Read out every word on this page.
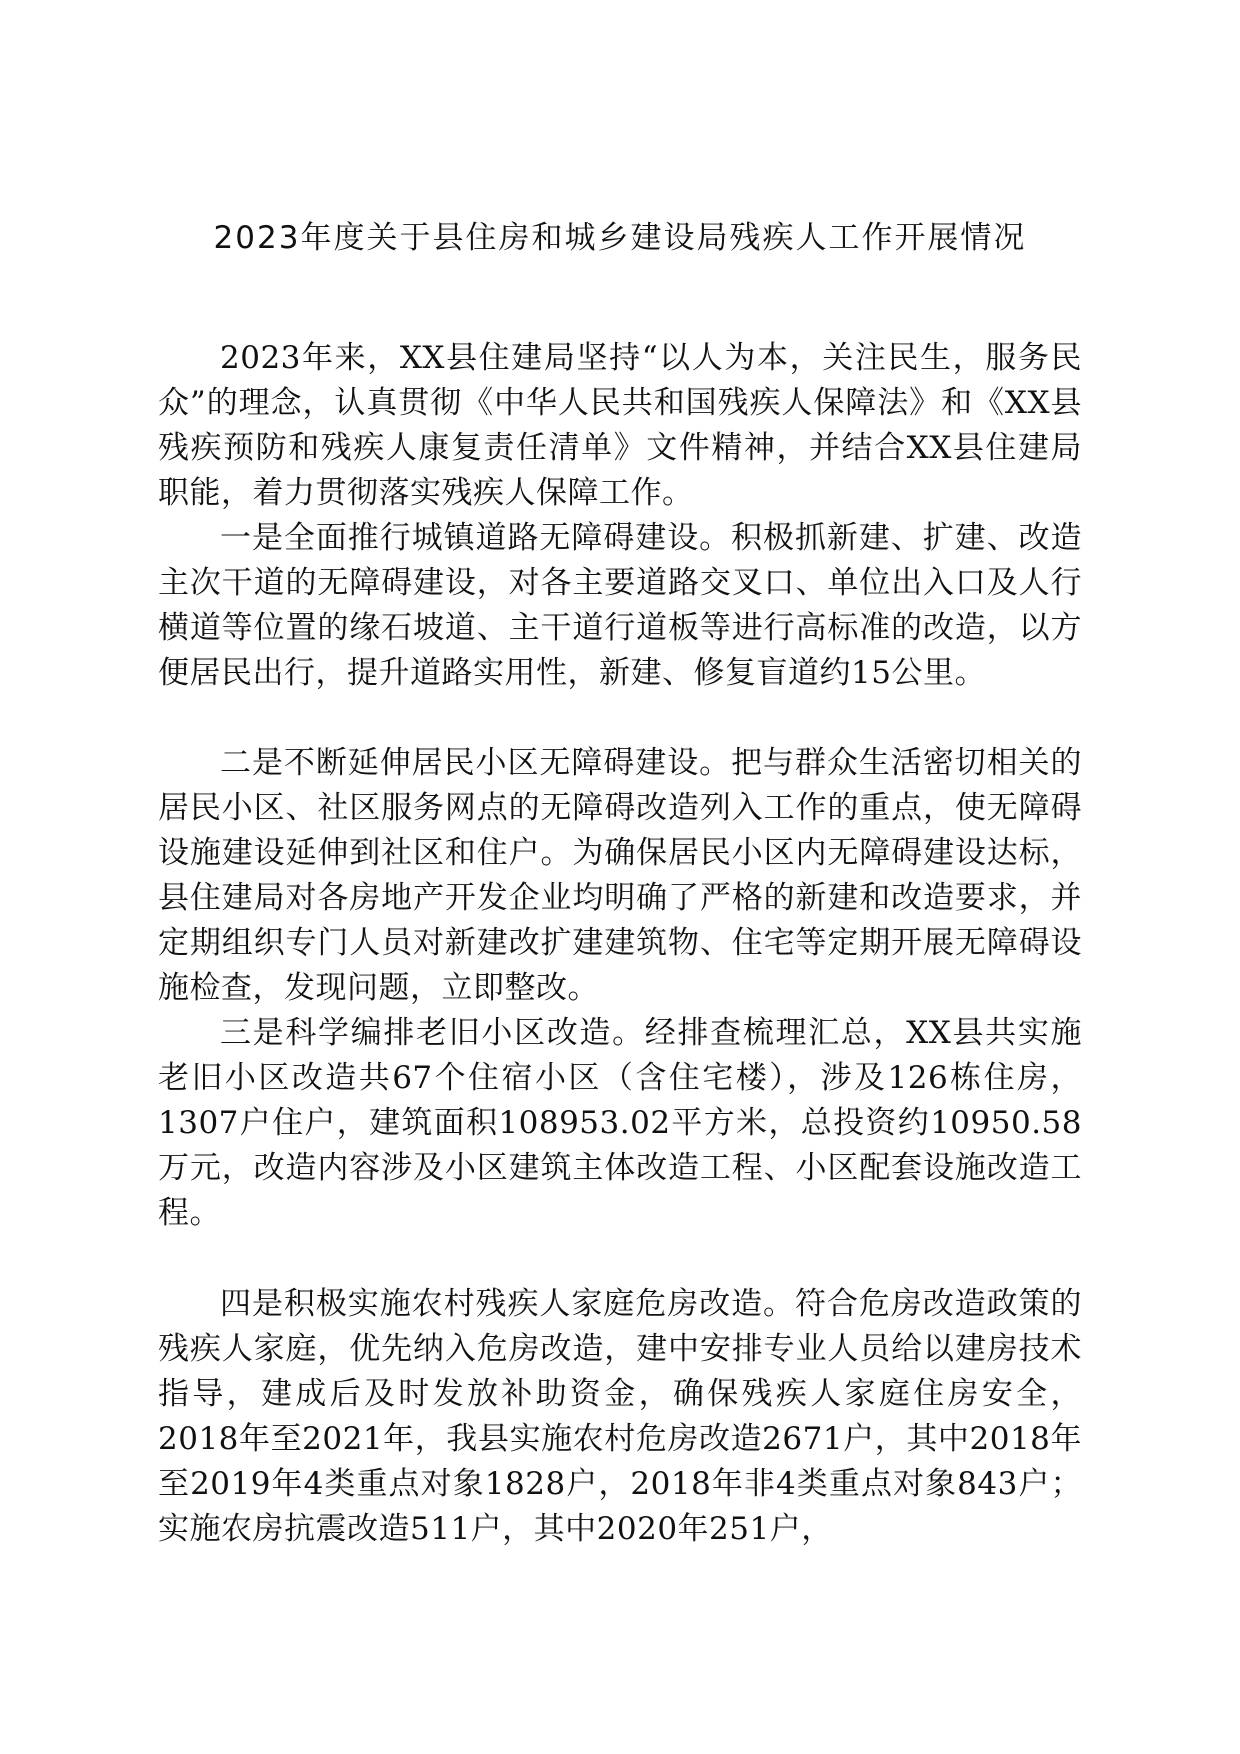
2023年度关于县住房和城乡建设局残疾人工作开展情况

2023年来，XX县住建局坚持“以人为本，关注民生，服务民众”的理念，认真贯彻《中华人民共和国残疾人保障法》和《XX县残疾预防和残疾人康复责任清单》文件精神，并结合XX县住建局职能，着力贯彻落实残疾人保障工作。

一是全面推行城镇道路无障碍建设。积极抓新建、扩建、改造主次干道的无障碍建设，对各主要道路交叉口、单位出入口及人行横道等位置的缘石坡道、主干道行道板等进行高标准的改造，以方便居民出行，提升道路实用性，新建、修复盲道约15公里。

二是不断延伸居民小区无障碍建设。把与群众生活密切相关的居民小区、社区服务网点的无障碍改造列入工作的重点，使无障碍设施建设延伸到社区和住户。为确保居民小区内无障碍建设达标，县住建局对各房地产开发企业均明确了严格的新建和改造要求，并定期组织专门人员对新建改扩建建筑物、住宅等定期开展无障碍设施检查，发现问题，立即整改。

三是科学编排老旧小区改造。经排查梳理汇总，XX县共实施老旧小区改造共67个住宿小区（含住宅楼），涉及126栋住房，1307户住户，建筑面积108953.02平方米，总投资约10950.58万元，改造内容涉及小区建筑主体改造工程、小区配套设施改造工程。

四是积极实施农村残疾人家庭危房改造。符合危房改造政策的残疾人家庭，优先纳入危房改造，建中安排专业人员给以建房技术指导，建成后及时发放补助资金，确保残疾人家庭住房安全，2018年至2021年，我县实施农村危房改造2671户，其中2018年至2019年4类重点对象1828户，2018年非4类重点对象843户；实施农房抗震改造511户，其中2020年251户，
